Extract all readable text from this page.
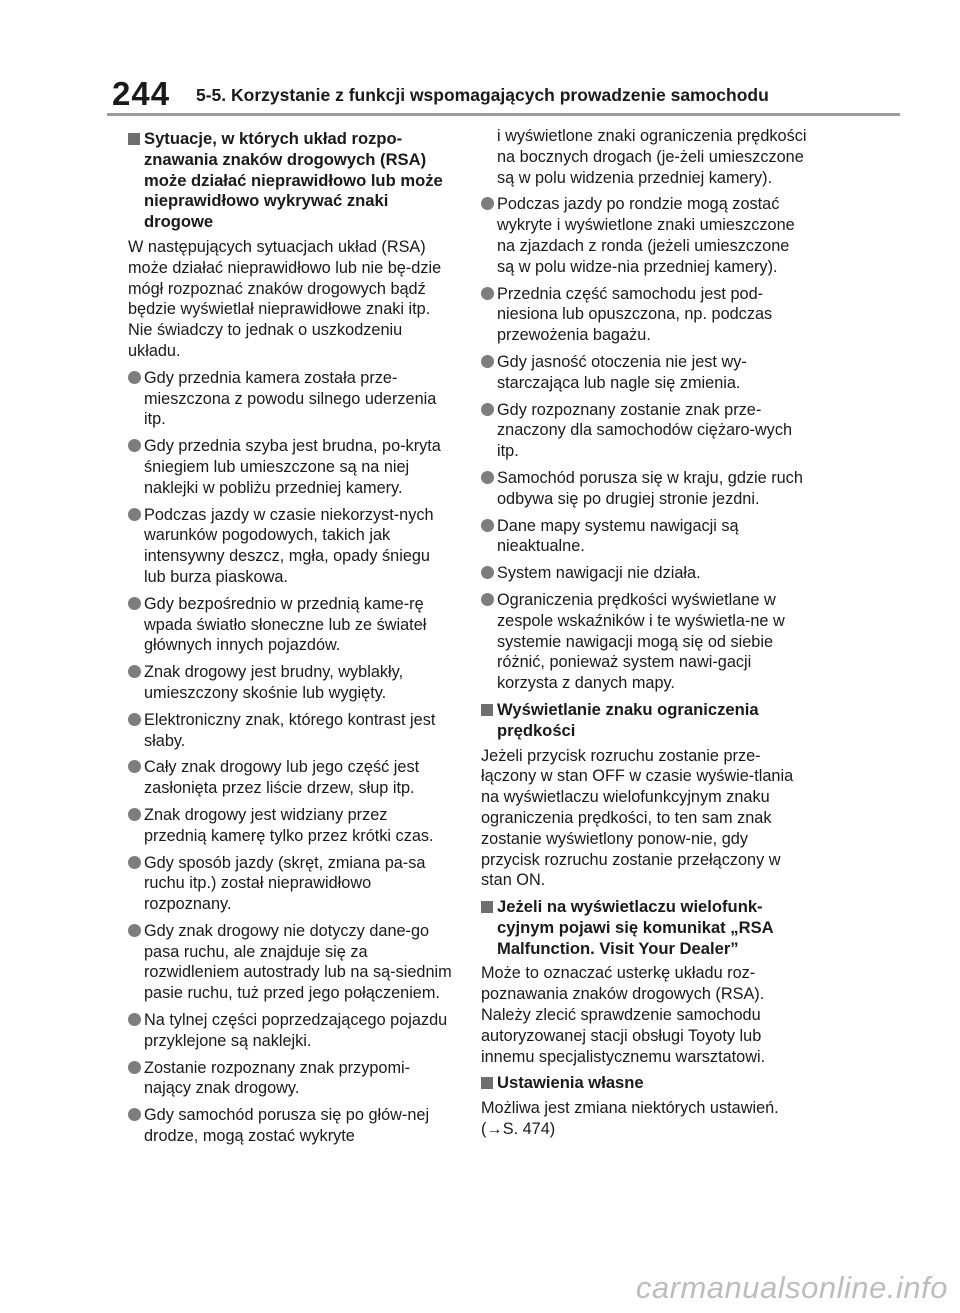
244 5-5. Korzystanie z funkcji wspomagających prowadzenie samochodu
Sytuacje, w których układ rozpo-znawania znaków drogowych (RSA) może działać nieprawidłowo lub może nieprawidłowo wykrywać znaki drogowe
W następujących sytuacjach układ (RSA) może działać nieprawidłowo lub nie bę-dzie mógł rozpoznać znaków drogowych bądź będzie wyświetlał nieprawidłowe znaki itp. Nie świadczy to jednak o uszkodzeniu układu.
Gdy przednia kamera została prze-mieszczona z powodu silnego uderzenia itp.
Gdy przednia szyba jest brudna, po-kryta śniegiem lub umieszczone są na niej naklejki w pobliżu przedniej kamery.
Podczas jazdy w czasie niekorzyst-nych warunków pogodowych, takich jak intensywny deszcz, mgła, opady śniegu lub burza piaskowa.
Gdy bezpośrednio w przednią kame-rę wpada światło słoneczne lub ze świateł głównych innych pojazdów.
Znak drogowy jest brudny, wyblakły, umieszczony skośnie lub wygięty.
Elektroniczny znak, którego kontrast jest słaby.
Cały znak drogowy lub jego część jest zasłonięta przez liście drzew, słup itp.
Znak drogowy jest widziany przez przednią kamerę tylko przez krótki czas.
Gdy sposób jazdy (skręt, zmiana pa-sa ruchu itp.) został nieprawidłowo rozpoznany.
Gdy znak drogowy nie dotyczy dane-go pasa ruchu, ale znajduje się za rozwidleniem autostrady lub na są-siednim pasie ruchu, tuż przed jego połączeniem.
Na tylnej części poprzedzającego pojazdu przyklejone są naklejki.
Zostanie rozpoznany znak przypomi-nający znak drogowy.
Gdy samochód porusza się po głów-nej drodze, mogą zostać wykryte
i wyświetlone znaki ograniczenia prędkości na bocznych drogach (je-żeli umieszczone są w polu widzenia przedniej kamery).
Podczas jazdy po rondzie mogą zostać wykryte i wyświetlone znaki umieszczone na zjazdach z ronda (jeżeli umieszczone są w polu widze-nia przedniej kamery).
Przednia część samochodu jest pod-niesiona lub opuszczona, np. podczas przewożenia bagażu.
Gdy jasność otoczenia nie jest wy-starczająca lub nagle się zmienia.
Gdy rozpoznany zostanie znak prze-znaczony dla samochodów ciężaro-wych itp.
Samochód porusza się w kraju, gdzie ruch odbywa się po drugiej stronie jezdni.
Dane mapy systemu nawigacji są nieaktualne.
System nawigacji nie działa.
Ograniczenia prędkości wyświetlane w zespole wskaźników i te wyświetla-ne w systemie nawigacji mogą się od siebie różnić, ponieważ system nawi-gacji korzysta z danych mapy.
Wyświetlanie znaku ograniczenia prędkości
Jeżeli przycisk rozruchu zostanie prze-łączony w stan OFF w czasie wyświe-tlania na wyświetlaczu wielofunkcyjnym znaku ograniczenia prędkości, to ten sam znak zostanie wyświetlony ponow-nie, gdy przycisk rozruchu zostanie przełączony w stan ON.
Jeżeli na wyświetlaczu wielofunk-cyjnym pojawi się komunikat „RSA Malfunction. Visit Your Dealer”
Może to oznaczać usterkę układu roz-poznawania znaków drogowych (RSA). Należy zlecić sprawdzenie samochodu autoryzowanej stacji obsługi Toyoty lub innemu specjalistycznemu warsztatowi.
Ustawienia własne
Możliwa jest zmiana niektórych ustawień. (→S. 474)
carmanualsonline.info
